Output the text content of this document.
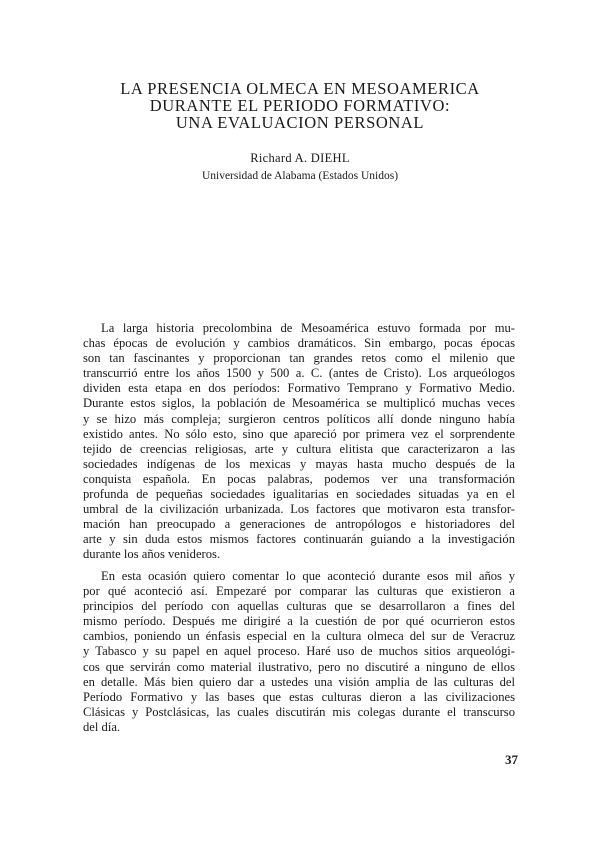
LA PRESENCIA OLMECA EN MESOAMERICA
DURANTE EL PERIODO FORMATIVO:
UNA EVALUACION PERSONAL
Richard A. DIEHL
Universidad de Alabama (Estados Unidos)
La larga historia precolombina de Mesoamérica estuvo formada por mu-
chas épocas de evolución y cambios dramáticos. Sin embargo, pocas épocas
son tan fascinantes y proporcionan tan grandes retos como el milenio que
transcurrió entre los años 1500 y 500 a. C. (antes de Cristo). Los arqueólogos
dividen esta etapa en dos períodos: Formativo Temprano y Formativo Medio.
Durante estos siglos, la población de Mesoamérica se multiplicó muchas veces
y se hizo más compleja; surgieron centros políticos allí donde ninguno había
existido antes. No sólo esto, sino que apareció por primera vez el sorprendente
tejido de creencias religiosas, arte y cultura elitista que caracterizaron a las
sociedades indígenas de los mexicas y mayas hasta mucho después de la
conquista española. En pocas palabras, podemos ver una transformación
profunda de pequeñas sociedades igualitarias en sociedades situadas ya en el
umbral de la civilización urbanizada. Los factores que motivaron esta transfor-
mación han preocupado a generaciones de antropólogos e historiadores del
arte y sin duda estos mismos factores continuarán guiando a la investigación
durante los años venideros.
En esta ocasión quiero comentar lo que aconteció durante esos mil años y
por qué aconteció así. Empezaré por comparar las culturas que existieron a
principios del período con aquellas culturas que se desarrollaron a fines del
mismo período. Después me dirigiré a la cuestión de por qué ocurrieron estos
cambios, poniendo un énfasis especial en la cultura olmeca del sur de Veracruz
y Tabasco y su papel en aquel proceso. Haré uso de muchos sitios arqueológi-
cos que servirán como material ilustrativo, pero no discutiré a ninguno de ellos
en detalle. Más bien quiero dar a ustedes una visión amplia de las culturas del
Período Formativo y las bases que estas culturas dieron a las civilizaciones
Clásicas y Postclásicas, las cuales discutirán mis colegas durante el transcurso
del día.
37
